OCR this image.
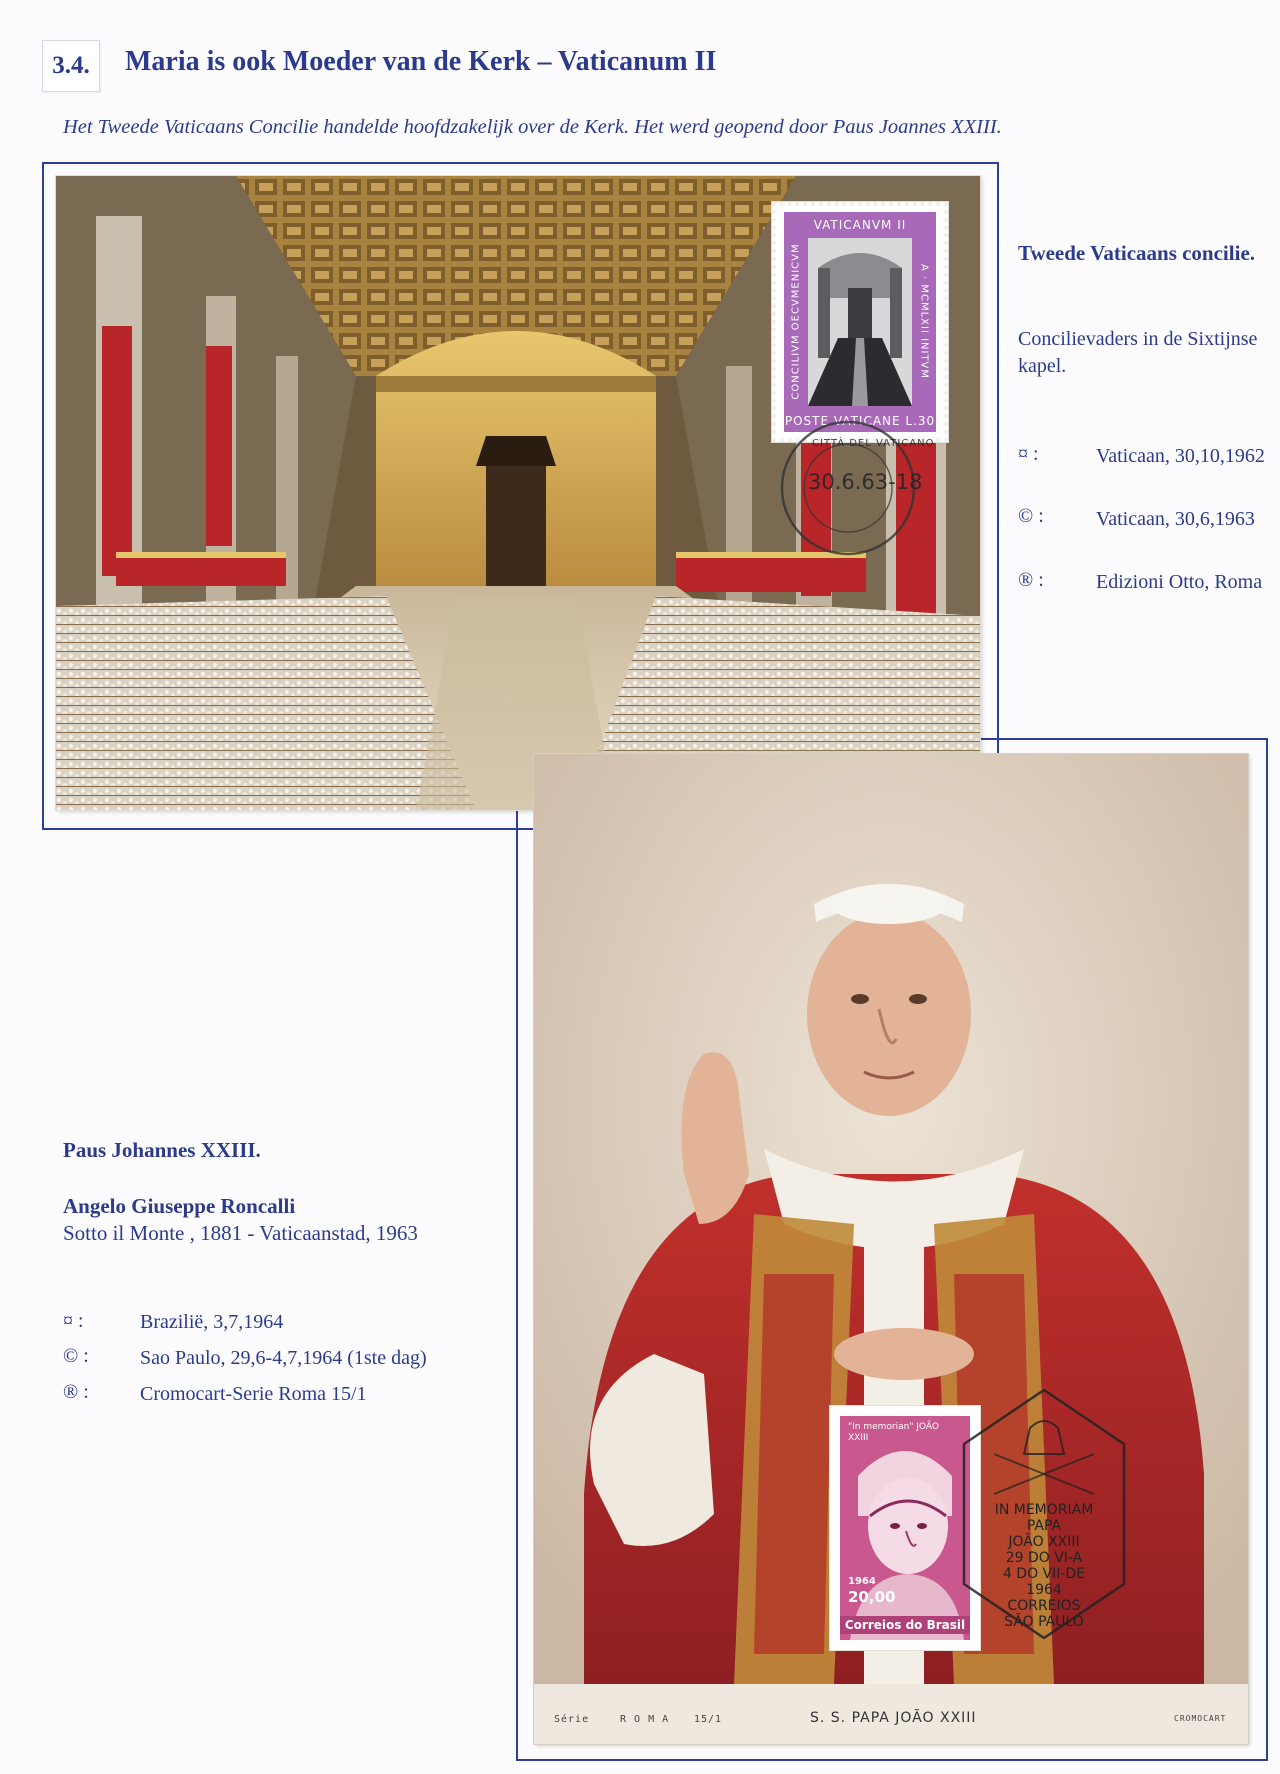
3.4.	Maria is ook Moeder van de Kerk – Vaticanum II
Het Tweede Vaticaans Concilie handelde hoofdzakelijk over de Kerk. Het werd geopend door Paus Joannes XXIII.
VATICANVM II
CONCILIVM OECVMENICVM	A · MCMLXII INITVM
POSTE VATICANE L.30
30.6.63-18
CITTÀ DEL VATICANO
Tweede Vaticaans concilie.
Concilievaders in de Sixtijnse kapel.
¤ :	Vaticaan, 30,10,1962
© :	Vaticaan, 30,6,1963
® :	Edizioni Otto, Roma
"In memorian" JOÃO XXIII
1964
20,00
Correios do Brasil
IN MEMORIAM
PAPA
JOÃO XXIII
29 DO VI-A
4 DO VII-DE
1964
CORREIOS
SÃO PAULO
Série	R O M A 15/1	S. S. PAPA JOÃO XXIII	CROMOCART
Paus Johannes XXIII.
Angelo Giuseppe Roncalli
Sotto il Monte , 1881 - Vaticaanstad, 1963
¤ :	Brazilië, 3,7,1964
© :	Sao Paulo, 29,6-4,7,1964 (1ste dag)
® :	Cromocart-Serie Roma 15/1
